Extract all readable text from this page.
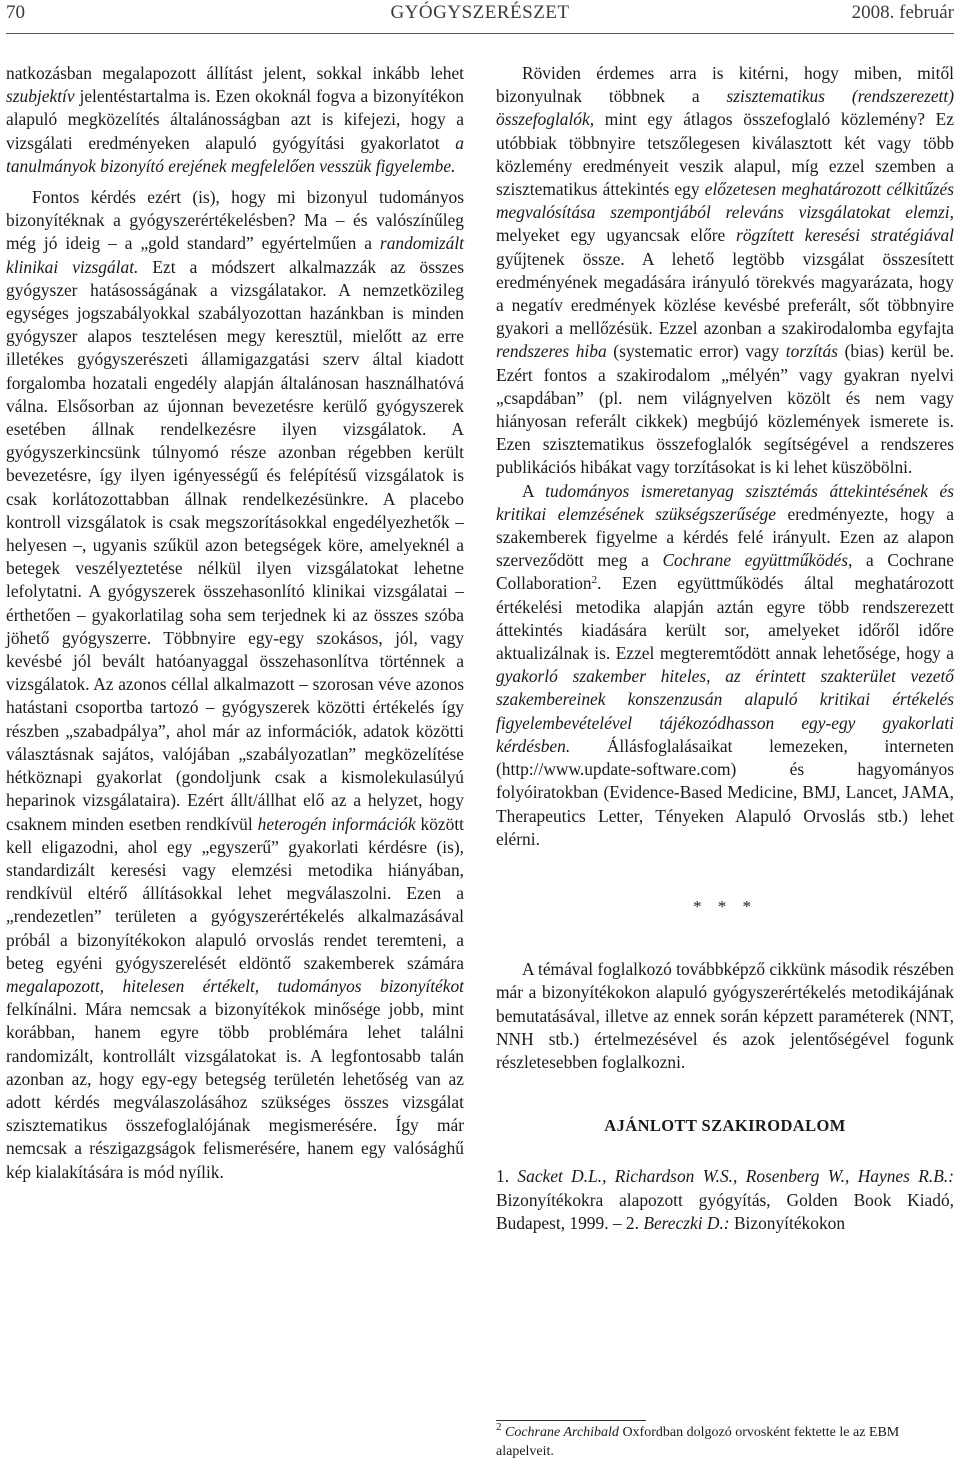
70	GYÓGYSZERÉSZET	2008. február

natkozásban megalapozott állítást jelent, sokkal inkább lehet szubjektív jelentéstartalma is. Ezen okoknál fogva a bizonyítékon alapuló megközelítés általánosságban azt is kifejezi, hogy a vizsgálati eredményeken alapuló gyógyítási gyakorlatot a tanulmányok bizonyító erejének megfelelően vesszük figyelembe.

Fontos kérdés ezért (is), hogy mi bizonyul tudományos bizonyítéknak a gyógyszerértékelésben? Ma – és valószínűleg még jó ideig – a „gold standard” egyértelműen a randomizált klinikai vizsgálat. Ezt a módszert alkalmazzák az összes gyógyszer hatásosságának a vizsgálatakor. A nemzetközileg egységes jogszabályokkal szabályozottan hazánkban is minden gyógyszer alapos tesztelésen megy keresztül, mielőtt az erre illetékes gyógyszerészeti államigazgatási szerv által kiadott forgalomba hozatali engedély alapján általánosan használhatóvá válna. Elsősorban az újonnan bevezetésre kerülő gyógyszerek esetében állnak rendelkezésre ilyen vizsgálatok. A gyógyszerkincsünk túlnyomó része azonban régebben került bevezetésre, így ilyen igényességű és felépítésű vizsgálatok is csak korlátozottabban állnak rendelkezésünkre. A placebo kontroll vizsgálatok is csak megszorításokkal engedélyezhetők – helyesen –, ugyanis szűkül azon betegségek köre, amelyeknél a betegek veszélyeztetése nélkül ilyen vizsgálatokat lehetne lefolytatni. A gyógyszerek összehasonlító klinikai vizsgálatai – érthetően – gyakorlatilag soha sem terjednek ki az összes szóba jöhető gyógyszerre. Többnyire egy-egy szokásos, jól, vagy kevésbé jól bevált hatóanyaggal összehasonlítva történnek a vizsgálatok. Az azonos céllal alkalmazott – szorosan véve azonos hatástani csoportba tartozó – gyógyszerek közötti értékelés így részben „szabadpálya”, ahol már az információk, adatok közötti választásnak sajátos, valójában „szabályozatlan” megközelítése hétköznapi gyakorlat (gondoljunk csak a kismolekulasúlyú heparinok vizsgálataira). Ezért állt/állhat elő az a helyzet, hogy csaknem minden esetben rendkívül heterogén információk között kell eligazodni, ahol egy „egyszerű” gyakorlati kérdésre (is), standardizált keresési vagy elemzési metodika hiányában, rendkívül eltérő állításokkal lehet megválaszolni. Ezen a „rendezetlen” területen a gyógyszerértékelés alkalmazásával próbál a bizonyítékokon alapuló orvoslás rendet teremteni, a beteg egyéni gyógyszerelését eldöntő szakemberek számára megalapozott, hitelesen értékelt, tudományos bizonyítékot felkínálni. Mára nemcsak a bizonyítékok minősége jobb, mint korábban, hanem egyre több problémára lehet találni randomizált, kontrollált vizsgálatokat is. A legfontosabb talán azonban az, hogy egy-egy betegség területén lehetőség van az adott kérdés megválaszolásához szükséges összes vizsgálat szisztematikus összefoglalójának megismerésére. Így már nemcsak a részigazgságok felismerésére, hanem egy valósághű kép kialakítására is mód nyílik.

Röviden érdemes arra is kitérni, hogy miben, mitől bizonyulnak többnek a szisztematikus (rendszerezett) összefoglalók, mint egy átlagos összefoglaló közlemény? Ez utóbbiak többnyire tetszőlegesen kiválasztott két vagy több közlemény eredményeit veszik alapul, míg ezzel szemben a szisztematikus áttekintés egy előzetesen meghatározott célkitűzés megvalósítása szempontjából releváns vizsgálatokat elemzi, melyeket egy ugyancsak előre rögzített keresési stratégiával gyűjtenek össze. A lehető legtöbb vizsgálat összesített eredményének megadására irányuló törekvés magyarázata, hogy a negatív eredmények közlése kevésbé preferált, sőt többnyire gyakori a mellőzésük. Ezzel azonban a szakirodalomba egyfajta rendszeres hiba (systematic error) vagy torzítás (bias) kerül be. Ezért fontos a szakirodalom „mélyén” vagy gyakran nyelvi „csapdában” (pl. nem világnyelven közölt és nem vagy hiányosan referált cikkek) megbújó közlemények ismerete is. Ezen szisztematikus összefoglalók segítségével a rendszeres publikációs hibákat vagy torzításokat is ki lehet küszöbölni.

A tudományos ismeretanyag szisztémás áttekintésének és kritikai elemzésének szükségszerűsége eredményezte, hogy a szakemberek figyelme a kérdés felé irányult. Ezen az alapon szerveződött meg a Cochrane együttműködés, a Cochrane Collaboration$^2$. Ezen együttműködés által meghatározott értékelési metodika alapján aztán egyre több rendszerezett áttekintés kiadására került sor, amelyeket időről időre aktualizálnak is. Ezzel megteremtődött annak lehetősége, hogy a gyakorló szakember hiteles, az érintett szakterület vezető szakembereinek konszenzusán alapuló kritikai értékelés figyelembevételével tájékozódhasson egy-egy gyakorlati kérdésben. Állásfoglalásaikat lemezeken, interneten (http://www.update-software.com) és hagyományos folyóiratokban (Evidence-Based Medicine, BMJ, Lancet, JAMA, Therapeutics Letter, Tényeken Alapuló Orvoslás stb.) lehet elérni.

* * *

A témával foglalkozó továbbképző cikkünk második részében már a bizonyítékokon alapuló gyógyszerértékelés metodikájának bemutatásával, illetve az ennek során képzett paraméterek (NNT, NNH stb.) értelmezésével és azok jelentőségével fogunk részletesebben foglalkozni.

AJÁNLOTT SZAKIRODALOM

1. Sacket D.L., Richardson W.S., Rosenberg W., Haynes R.B.: Bizonyítékokra alapozott gyógyítás, Golden Book Kiadó, Budapest, 1999. – 2. Bereczki D.: Bizonyítékokon

$^2$ Cochrane Archibald Oxfordban dolgozó orvosként fektette le az EBM alapelveit.
